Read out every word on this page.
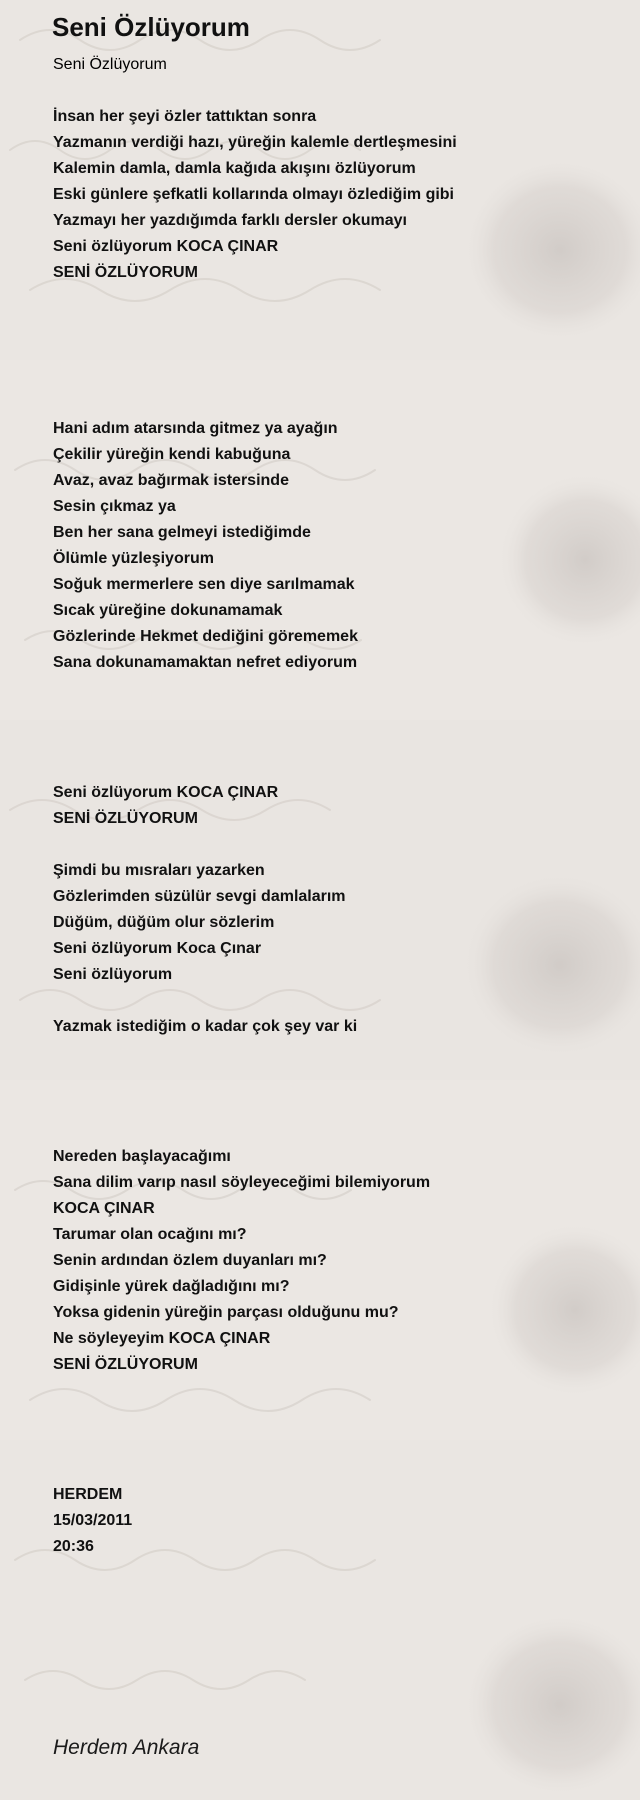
Seni Özlüyorum
Seni Özlüyorum
İnsan her şeyi özler tattıktan sonra
Yazmanın verdiği hazı, yüreğin kalemle dertleşmesini
Kalemin damla, damla kağıda akışını özlüyorum
Eski günlere şefkatli kollarında olmayı özlediğim gibi
Yazmayı her yazdığımda farklı dersler okumayı
Seni özlüyorum KOCA ÇINAR
SENİ ÖZLÜYORUM
Hani adım atarsında gitmez ya ayağın
Çekilir yüreğin kendi kabuğuna
Avaz, avaz bağırmak istersinde
Sesin çıkmaz ya
Ben her sana gelmeyi istediğimde
Ölümle yüzleşiyorum
Soğuk mermerlere sen diye sarılmamak
Sıcak yüreğine dokunamamak
Gözlerinde Hekmet dediğini görememek
Sana dokunamamaktan nefret ediyorum
Seni özlüyorum KOCA ÇINAR
SENİ ÖZLÜYORUM
Şimdi bu mısraları yazarken
Gözlerimden süzülür sevgi damlalarım
Düğüm, düğüm olur sözlerim
Seni özlüyorum Koca Çınar
Seni özlüyorum
Yazmak istediğim o kadar çok şey var ki
Nereden başlayacağımı
Sana dilim varıp nasıl söyleyeceğimi bilemiyorum
KOCA ÇINAR
Tarumar olan ocağını mı?
Senin ardından özlem duyanları mı?
Gidişinle yürek dağladığını mı?
Yoksa gidenin yüreğin parçası olduğunu mu?
Ne söyleyeyim KOCA ÇINAR
SENİ ÖZLÜYORUM
HERDEM
15/03/2011
20:36
Herdem Ankara
